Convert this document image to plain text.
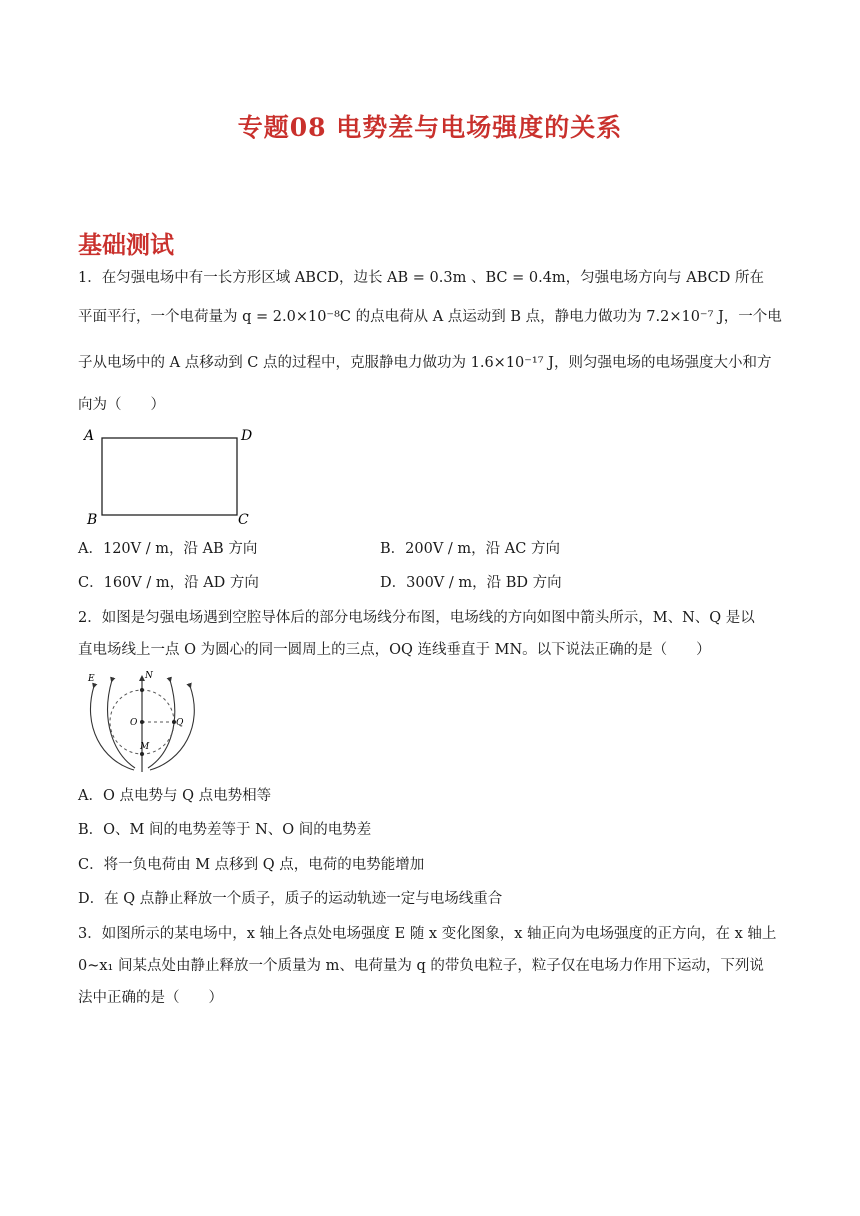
专题08 电势差与电场强度的关系
基础测试
1．在匀强电场中有一长方形区域 ABCD，边长 AB = 0.3m 、BC = 0.4m，匀强电场方向与 ABCD 所在
平面平行，一个电荷量为 q = 2.0×10⁻⁸C 的点电荷从 A 点运动到 B 点，静电力做功为 7.2×10⁻⁷ J，一个电
子从电场中的 A 点移动到 C 点的过程中，克服静电力做功为 1.6×10⁻¹⁷ J，则匀强电场的电场强度大小和方
向为（　　）
A	D
B	C
A．120V / m，沿 AB 方向	B．200V / m，沿 AC 方向
C．160V / m，沿 AD 方向	D．300V / m，沿 BD 方向
2．如图是匀强电场遇到空腔导体后的部分电场线分布图，电场线的方向如图中箭头所示，M、N、Q 是以
直电场线上一点 O 为圆心的同一圆周上的三点，OQ 连线垂直于 MN。以下说法正确的是（　　）
E	N
O	Q
M
A．O 点电势与 Q 点电势相等
B．O、M 间的电势差等于 N、O 间的电势差
C．将一负电荷由 M 点移到 Q 点，电荷的电势能增加
D．在 Q 点静止释放一个质子，质子的运动轨迹一定与电场线重合
3．如图所示的某电场中，x 轴上各点处电场强度 E 随 x 变化图象，x 轴正向为电场强度的正方向，在 x 轴上
0~x₁ 间某点处由静止释放一个质量为 m、电荷量为 q 的带负电粒子，粒子仅在电场力作用下运动，下列说
法中正确的是（　　）
